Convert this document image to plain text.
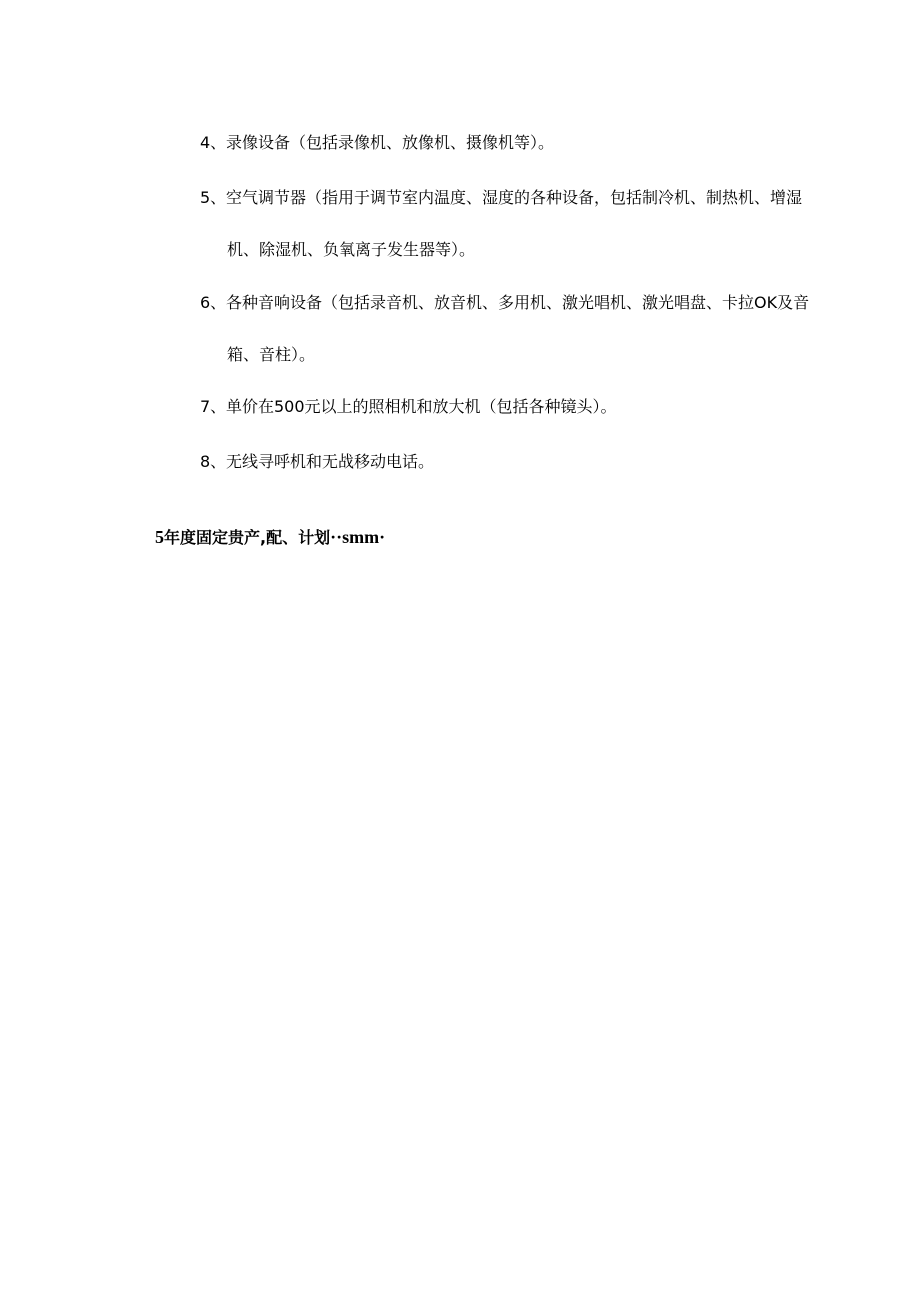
4、录像设备（包括录像机、放像机、摄像机等）。

5、空气调节器（指用于调节室内温度、湿度的各种设备，包括制冷机、制热机、增湿
机、除湿机、负氧离子发生器等）。

6、各种音响设备（包括录音机、放音机、多用机、激光唱机、激光唱盘、卡拉OK及音
箱、音柱）。

7、单价在500元以上的照相机和放大机（包括各种镜头）。

8、无线寻呼机和无战移动电话。

5年度固定贵产,配、计划··smm·
